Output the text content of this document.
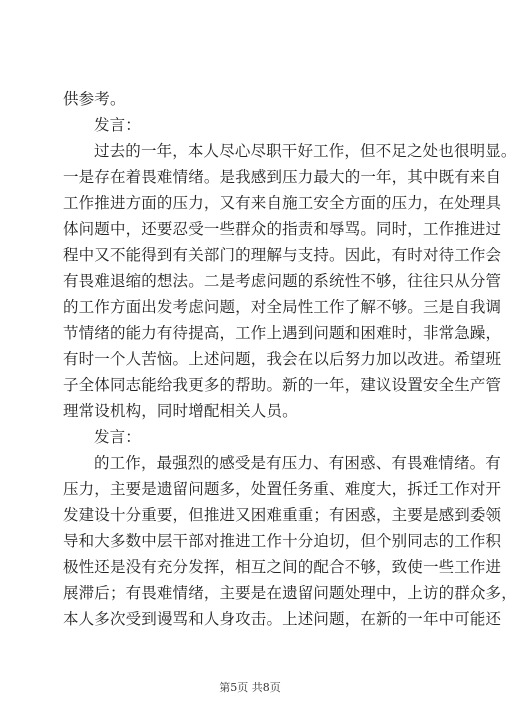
供参考。
发言：
过去的一年，本人尽心尽职干好工作，但不足之处也很明显。
一是存在着畏难情绪。是我感到压力最大的一年，其中既有来自
工作推进方面的压力，又有来自施工安全方面的压力，在处理具
体问题中，还要忍受一些群众的指责和辱骂。同时，工作推进过
程中又不能得到有关部门的理解与支持。因此，有时对待工作会
有畏难退缩的想法。二是考虑问题的系统性不够，往往只从分管
的工作方面出发考虑问题，对全局性工作了解不够。三是自我调
节情绪的能力有待提高，工作上遇到问题和困难时，非常急躁，
有时一个人苦恼。上述问题，我会在以后努力加以改进。希望班
子全体同志能给我更多的帮助。新的一年，建议设置安全生产管
理常设机构，同时增配相关人员。
发言：
的工作，最强烈的感受是有压力、有困惑、有畏难情绪。有
压力，主要是遗留问题多，处置任务重、难度大，拆迁工作对开
发建设十分重要，但推进又困难重重；有困惑，主要是感到委领
导和大多数中层干部对推进工作十分迫切，但个别同志的工作积
极性还是没有充分发挥，相互之间的配合不够，致使一些工作进
展滞后；有畏难情绪，主要是在遗留问题处理中，上访的群众多，
本人多次受到谩骂和人身攻击。上述问题，在新的一年中可能还
第5页 共8页
